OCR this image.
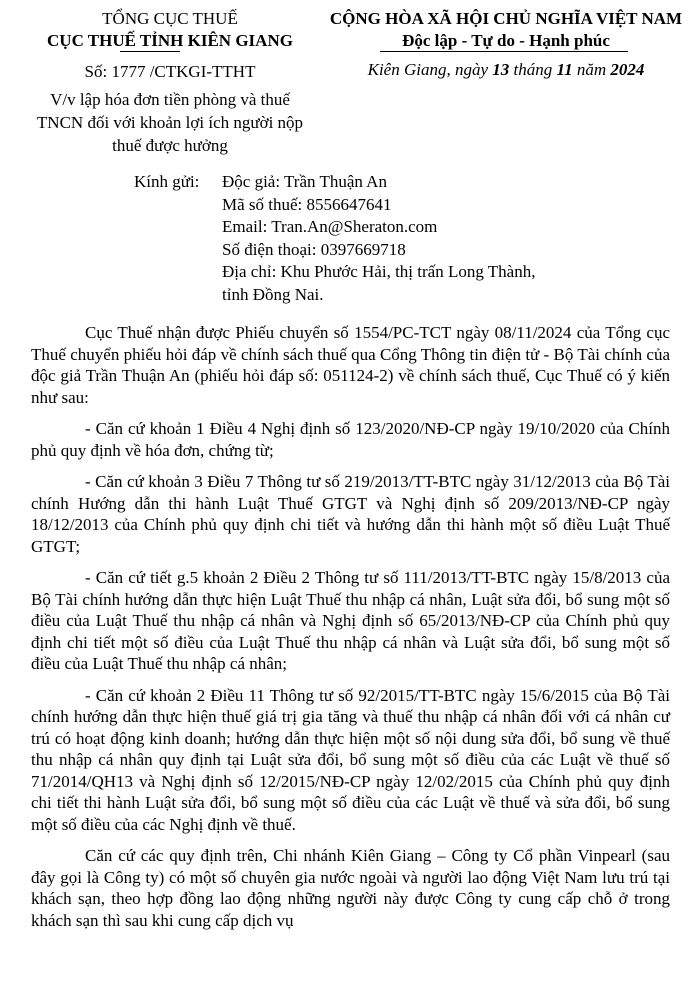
TỔNG CỤC THUẾ
CỤC THUẾ TỈNH KIÊN GIANG
Số: 1777 /CTKGI-TTHT
V/v lập hóa đơn tiền phòng và thuế TNCN đối với khoản lợi ích người nộp thuế được hưởng
CỘNG HÒA XÃ HỘI CHỦ NGHĨA VIỆT NAM
Độc lập - Tự do - Hạnh phúc
Kiên Giang, ngày 13 tháng 11 năm 2024
Kính gửi:	Độc giả: Trần Thuận An
Mã số thuế: 8556647641
Email: Tran.An@Sheraton.com
Số điện thoại: 0397669718
Địa chỉ: Khu Phước Hải, thị trấn Long Thành,
tỉnh Đồng Nai.

Cục Thuế nhận được Phiếu chuyển số 1554/PC-TCT ngày 08/11/2024 của Tổng cục Thuế chuyển phiếu hỏi đáp về chính sách thuế qua Cổng Thông tin điện tử - Bộ Tài chính của độc giả Trần Thuận An (phiếu hỏi đáp số: 051124-2) về chính sách thuế, Cục Thuế có ý kiến như sau:

- Căn cứ khoản 1 Điều 4 Nghị định số 123/2020/NĐ-CP ngày 19/10/2020 của Chính phủ quy định về hóa đơn, chứng từ;

- Căn cứ khoản 3 Điều 7 Thông tư số 219/2013/TT-BTC ngày 31/12/2013 của Bộ Tài chính Hướng dẫn thi hành Luật Thuế GTGT và Nghị định số 209/2013/NĐ-CP ngày 18/12/2013 của Chính phủ quy định chi tiết và hướng dẫn thi hành một số điều Luật Thuế GTGT;

- Căn cứ tiết g.5 khoản 2 Điều 2 Thông tư số 111/2013/TT-BTC ngày 15/8/2013 của Bộ Tài chính hướng dẫn thực hiện Luật Thuế thu nhập cá nhân, Luật sửa đổi, bổ sung một số điều của Luật Thuế thu nhập cá nhân và Nghị định số 65/2013/NĐ-CP của Chính phủ quy định chi tiết một số điều của Luật Thuế thu nhập cá nhân và Luật sửa đổi, bổ sung một số điều của Luật Thuế thu nhập cá nhân;

- Căn cứ khoản 2 Điều 11 Thông tư số 92/2015/TT-BTC ngày 15/6/2015 của Bộ Tài chính hướng dẫn thực hiện thuế giá trị gia tăng và thuế thu nhập cá nhân đối với cá nhân cư trú có hoạt động kinh doanh; hướng dẫn thực hiện một số nội dung sửa đổi, bổ sung về thuế thu nhập cá nhân quy định tại Luật sửa đổi, bổ sung một số điều của các Luật về thuế số 71/2014/QH13 và Nghị định số 12/2015/NĐ-CP ngày 12/02/2015 của Chính phủ quy định chi tiết thi hành Luật sửa đổi, bổ sung một số điều của các Luật về thuế và sửa đổi, bổ sung một số điều của các Nghị định về thuế.

Căn cứ các quy định trên, Chi nhánh Kiên Giang – Công ty Cổ phần Vinpearl (sau đây gọi là Công ty) có một số chuyên gia nước ngoài và người lao động Việt Nam lưu trú tại khách sạn, theo hợp đồng lao động những người này được Công ty cung cấp chỗ ở trong khách sạn thì sau khi cung cấp dịch vụ
